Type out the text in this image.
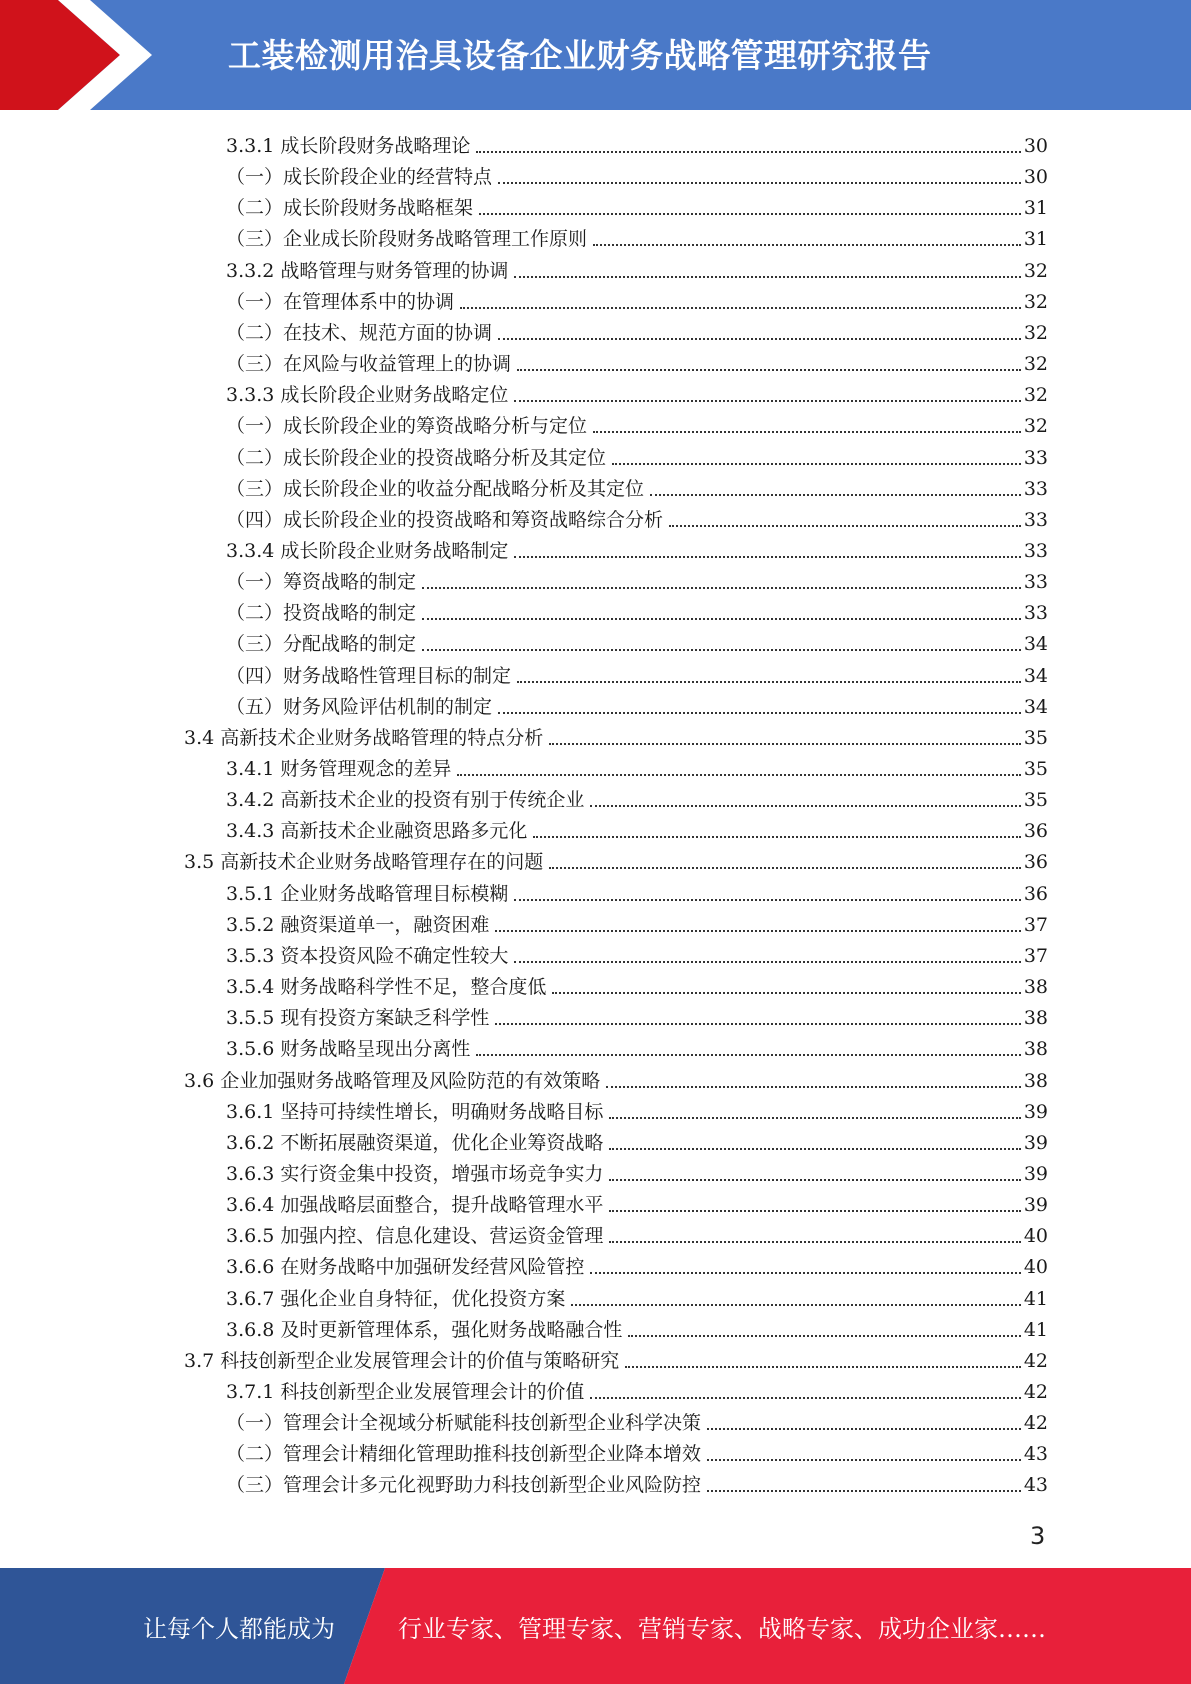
工装检测用治具设备企业财务战略管理研究报告
3.3.1 成长阶段财务战略理论	30
（一）成长阶段企业的经营特点	30
（二）成长阶段财务战略框架	31
（三）企业成长阶段财务战略管理工作原则	31
3.3.2 战略管理与财务管理的协调	32
（一）在管理体系中的协调	32
（二）在技术、规范方面的协调	32
（三）在风险与收益管理上的协调	32
3.3.3 成长阶段企业财务战略定位	32
（一）成长阶段企业的筹资战略分析与定位	32
（二）成长阶段企业的投资战略分析及其定位	33
（三）成长阶段企业的收益分配战略分析及其定位	33
（四）成长阶段企业的投资战略和筹资战略综合分析	33
3.3.4 成长阶段企业财务战略制定	33
（一）筹资战略的制定	33
（二）投资战略的制定	33
（三）分配战略的制定	34
（四）财务战略性管理目标的制定	34
（五）财务风险评估机制的制定	34
3.4 高新技术企业财务战略管理的特点分析	35
3.4.1 财务管理观念的差异	35
3.4.2 高新技术企业的投资有别于传统企业	35
3.4.3 高新技术企业融资思路多元化	36
3.5 高新技术企业财务战略管理存在的问题	36
3.5.1 企业财务战略管理目标模糊	36
3.5.2 融资渠道单一，融资困难	37
3.5.3 资本投资风险不确定性较大	37
3.5.4 财务战略科学性不足，整合度低	38
3.5.5 现有投资方案缺乏科学性	38
3.5.6 财务战略呈现出分离性	38
3.6 企业加强财务战略管理及风险防范的有效策略	38
3.6.1 坚持可持续性增长，明确财务战略目标	39
3.6.2 不断拓展融资渠道，优化企业筹资战略	39
3.6.3 实行资金集中投资，增强市场竞争实力	39
3.6.4 加强战略层面整合，提升战略管理水平	39
3.6.5 加强内控、信息化建设、营运资金管理	40
3.6.6 在财务战略中加强研发经营风险管控	40
3.6.7 强化企业自身特征，优化投资方案	41
3.6.8 及时更新管理体系，强化财务战略融合性	41
3.7 科技创新型企业发展管理会计的价值与策略研究	42
3.7.1 科技创新型企业发展管理会计的价值	42
（一）管理会计全视域分析赋能科技创新型企业科学决策	42
（二）管理会计精细化管理助推科技创新型企业降本增效	43
（三）管理会计多元化视野助力科技创新型企业风险防控	43
3
让每个人都能成为	行业专家、管理专家、营销专家、战略专家、成功企业家……
